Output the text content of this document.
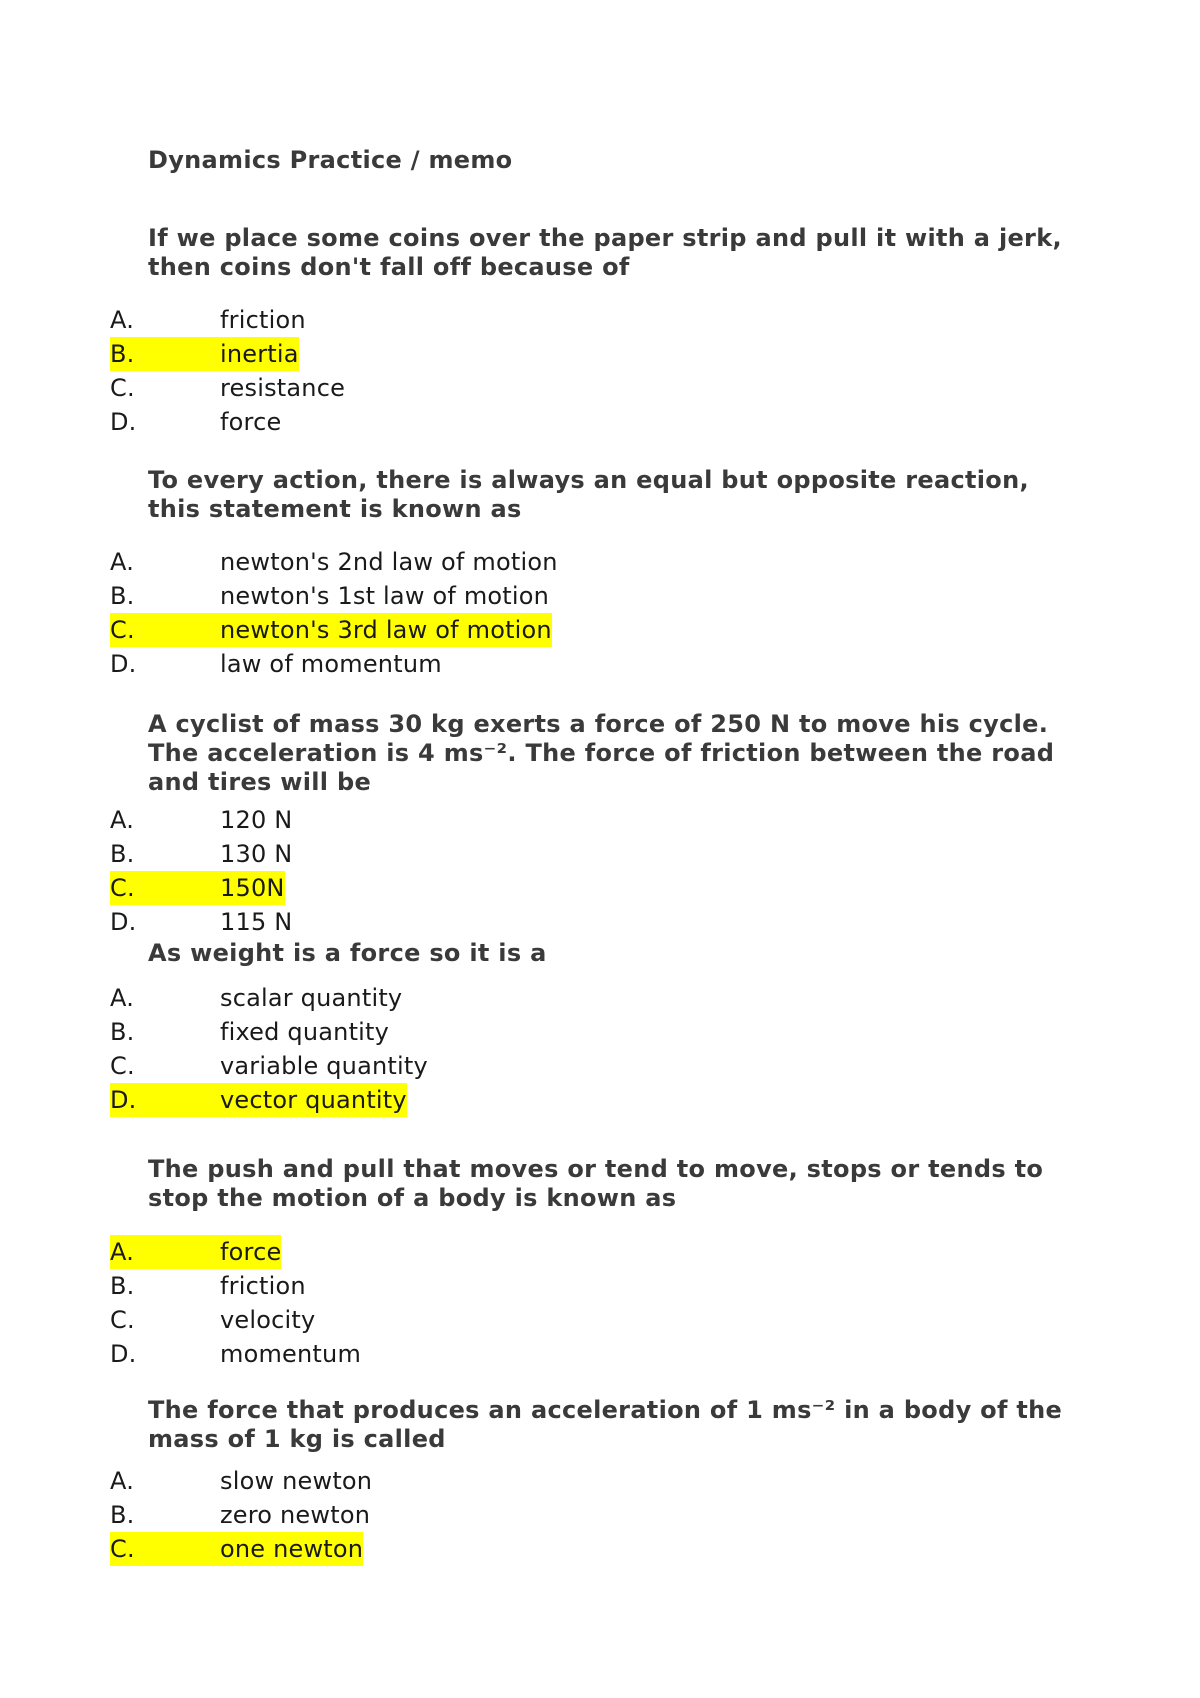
Dynamics Practice / memo

If we place some coins over the paper strip and pull it with a jerk, then coins don't fall off because of

A.	friction
B.	inertia
C.	resistance
D.	force

To every action, there is always an equal but opposite reaction, this statement is known as

A.	newton's 2nd law of motion
B.	newton's 1st law of motion
C.	newton's 3rd law of motion
D.	law of momentum

A cyclist of mass 30 kg exerts a force of 250 N to move his cycle. The acceleration is 4 ms⁻². The force of friction between the road and tires will be

A.	120 N
B.	130 N
C.	150N
D.	115 N

As weight is a force so it is a

A.	scalar quantity
B.	fixed quantity
C.	variable quantity
D.	vector quantity

The push and pull that moves or tend to move, stops or tends to stop the motion of a body is known as

A.	force
B.	friction
C.	velocity
D.	momentum

The force that produces an acceleration of 1 ms⁻² in a body of the mass of 1 kg is called

A.	slow newton
B.	zero newton
C.	one newton
